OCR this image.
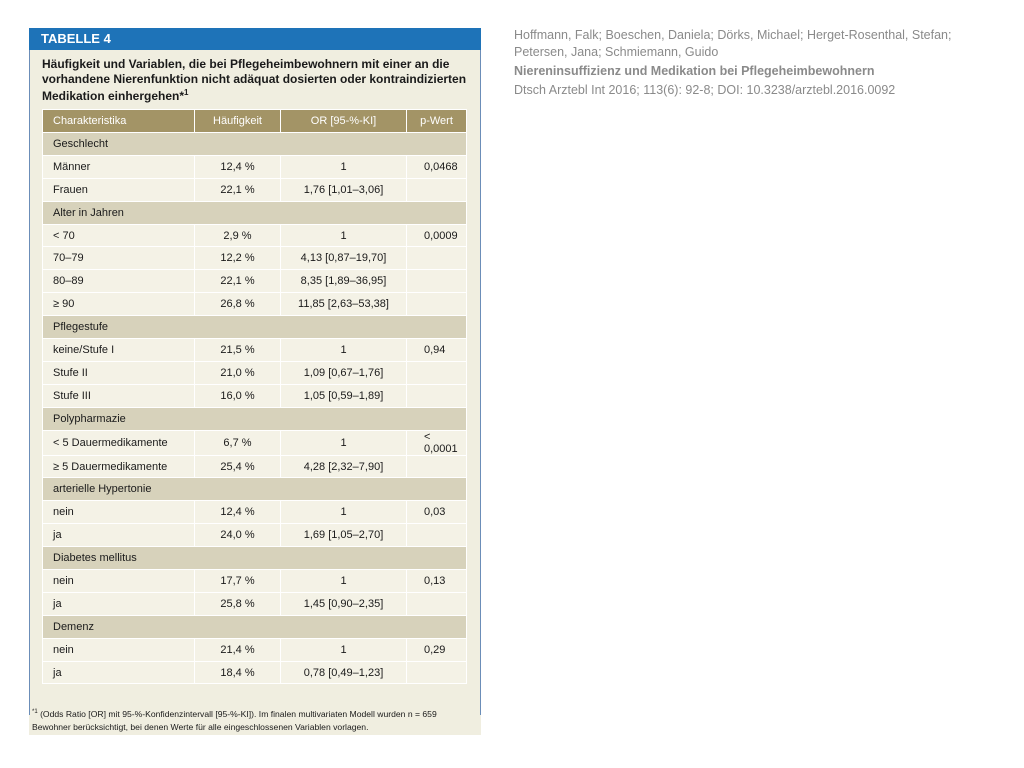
TABELLE 4
Häufigkeit und Variablen, die bei Pflegeheimbewohnern mit einer an die vorhandene Nierenfunktion nicht adäquat dosierten oder kontraindizierten Medikation einhergehen*$^1$
Charakteristika	Häufigkeit	OR [95-%-KI]	p-Wert
Geschlecht			
Männer	12,4 %	1	0,0468
Frauen	22,1 %	1,76 [1,01–3,06]	
Alter in Jahren			
< 70	2,9 %	1	0,0009
70–79	12,2 %	4,13 [0,87–19,70]	
80–89	22,1 %	8,35 [1,89–36,95]	
≥ 90	26,8 %	11,85 [2,63–53,38]	
Pflegestufe			
keine/Stufe I	21,5 %	1	0,94
Stufe II	21,0 %	1,09 [0,67–1,76]	
Stufe III	16,0 %	1,05 [0,59–1,89]	
Polypharmazie			
< 5 Dauermedikamente	6,7 %	1	< 0,0001
≥ 5 Dauermedikamente	25,4 %	4,28 [2,32–7,90]	
arterielle Hypertonie			
nein	12,4 %	1	0,03
ja	24,0 %	1,69 [1,05–2,70]	
Diabetes mellitus			
nein	17,7 %	1	0,13
ja	25,8 %	1,45 [0,90–2,35]	
Demenz			
nein	21,4 %	1	0,29
ja	18,4 %	0,78 [0,49–1,23]	
$^{*1}$ (Odds Ratio [OR] mit 95-%-Konfidenzintervall [95-%-KI]). Im finalen multivariaten Modell wurden n = 659 Bewohner berücksichtigt, bei denen Werte für alle eingeschlossenen Variablen vorlagen.

Hoffmann, Falk; Boeschen, Daniela; Dörks, Michael; Herget-Rosenthal, Stefan; Petersen, Jana; Schmiemann, Guido

Niereninsuffizienz und Medikation bei Pflegeheimbewohnern

Dtsch Arztebl Int 2016; 113(6): 92-8; DOI: 10.3238/arztebl.2016.0092
